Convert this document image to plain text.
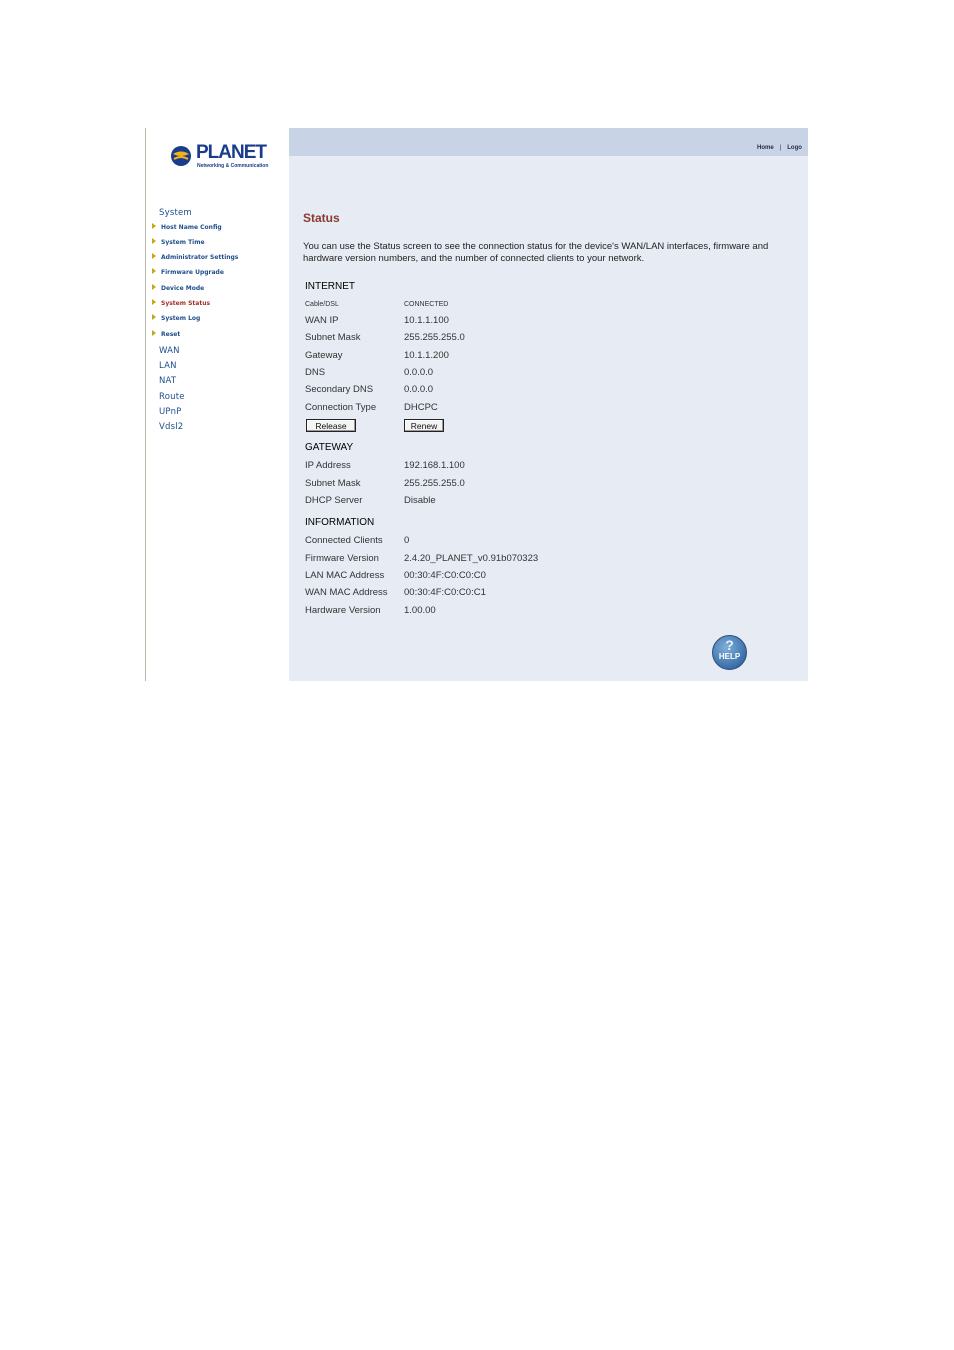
PLANET
Networking & Communication
System
Host Name Config
System Time
Administrator Settings
Firmware Upgrade
Device Mode
System Status
System Log
Reset
WAN
LAN
NAT
Route
UPnP
Vdsl2
Home | Logo
Status
You can use the Status screen to see the connection status for the device's WAN/LAN interfaces, firmware and hardware version numbers, and the number of connected clients to your network.
INTERNET
Cable/DSL	CONNECTED
WAN IP	10.1.1.100
Subnet Mask	255.255.255.0
Gateway	10.1.1.200
DNS	0.0.0.0
Secondary DNS	0.0.0.0
Connection Type	DHCPC
Release	Renew
GATEWAY
IP Address	192.168.1.100
Subnet Mask	255.255.255.0
DHCP Server	Disable
INFORMATION
Connected Clients 0
Firmware Version	2.4.20_PLANET_v0.91b070323
LAN MAC Address 00:30:4F:C0:C0:C0
WAN MAC Address 00:30:4F:C0:C0:C1
Hardware Version 1.00.00
?
HELP
